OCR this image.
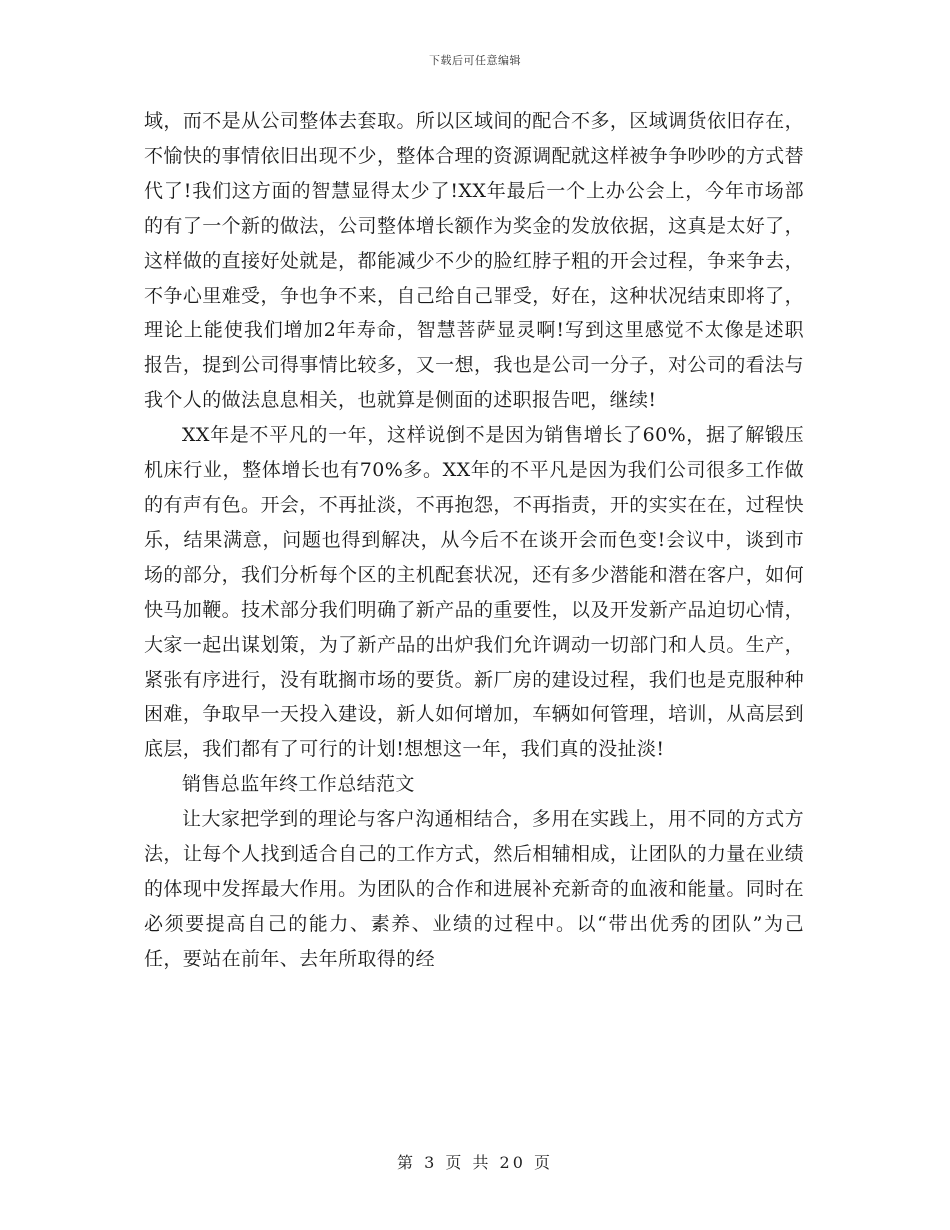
下载后可任意编辑

域，而不是从公司整体去套取。所以区域间的配合不多，区域调货依旧存在，不愉快的事情依旧出现不少，整体合理的资源调配就这样被争争吵吵的方式替代了!我们这方面的智慧显得太少了!XX年最后一个上办公会上，今年市场部的有了一个新的做法，公司整体增长额作为奖金的发放依据，这真是太好了，这样做的直接好处就是，都能减少不少的脸红脖子粗的开会过程，争来争去，不争心里难受，争也争不来，自己给自己罪受，好在，这种状况结束即将了，理论上能使我们增加2年寿命，智慧菩萨显灵啊!写到这里感觉不太像是述职报告，提到公司得事情比较多，又一想，我也是公司一分子，对公司的看法与我个人的做法息息相关，也就算是侧面的述职报告吧，继续!

XX年是不平凡的一年，这样说倒不是因为销售增长了60%，据了解锻压机床行业，整体增长也有70%多。XX年的不平凡是因为我们公司很多工作做的有声有色。开会，不再扯淡，不再抱怨，不再指责，开的实实在在，过程快乐，结果满意，问题也得到解决，从今后不在谈开会而色变!会议中，谈到市场的部分，我们分析每个区的主机配套状况，还有多少潜能和潜在客户，如何快马加鞭。技术部分我们明确了新产品的重要性，以及开发新产品迫切心情，大家一起出谋划策，为了新产品的出炉我们允许调动一切部门和人员。生产，紧张有序进行，没有耽搁市场的要货。新厂房的建设过程，我们也是克服种种困难，争取早一天投入建设，新人如何增加，车辆如何管理，培训，从高层到底层，我们都有了可行的计划!想想这一年，我们真的没扯淡!

销售总监年终工作总结范文

让大家把学到的理论与客户沟通相结合，多用在实践上，用不同的方式方法，让每个人找到适合自己的工作方式，然后相辅相成，让团队的力量在业绩的体现中发挥最大作用。为团队的合作和进展补充新奇的血液和能量。同时在必须要提高自己的能力、素养、业绩的过程中。以“带出优秀的团队”为己任，要站在前年、去年所取得的经

第 3 页 共 20 页
